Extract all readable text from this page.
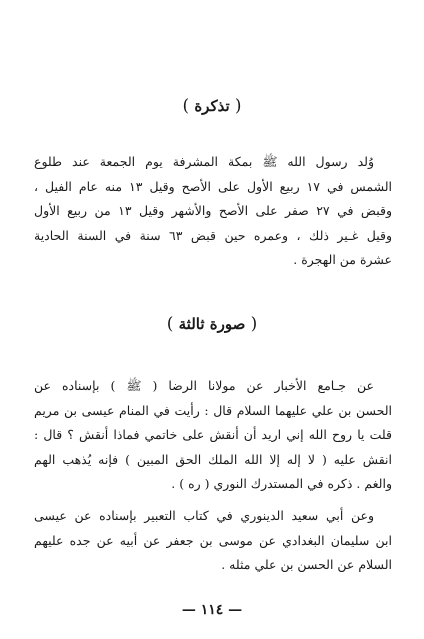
( تذكرة )
وُلد رسول الله ﷺ بمكة المشرفة يوم الجمعة عند طلوع
الشمس في ١٧ ربيع الأول على الأصح وقيل ١٣ منه عام الفيل ،
وقبض في ٢٧ صفر على الأصح والأشهر وقيل ١٣ من ربيع الأول
وقيل غـير ذلك ، وعمره حين قبض ٦٣ سنة في السنة الحادية
عشرة من الهجرة .
( صورة ثالثة )
عن جـامع الأخبار عن مولانا الرضا ( ﷺ ) بإسناده عن
الحسن بن علي عليهما السلام قال : رأيت في المنام عيسى بن مريم
قلت يا روح الله إني اريد أن أنقش على خاتمي فماذا أنقش ؟ قال :
انقش عليه ( لا إله إلا الله الملك الحق المبين ) فإنه يُذهب الهم
والغم . ذكره في المستدرك النوري ( ره ) .
وعن أبي سعيد الدينوري في كتاب التعبير بإسناده عن عيسى
ابن سليمان البغدادي عن موسى بن جعفر عن أبيه عن جده عليهم
السلام عن الحسن بن علي مثله .
— ١١٤ —
